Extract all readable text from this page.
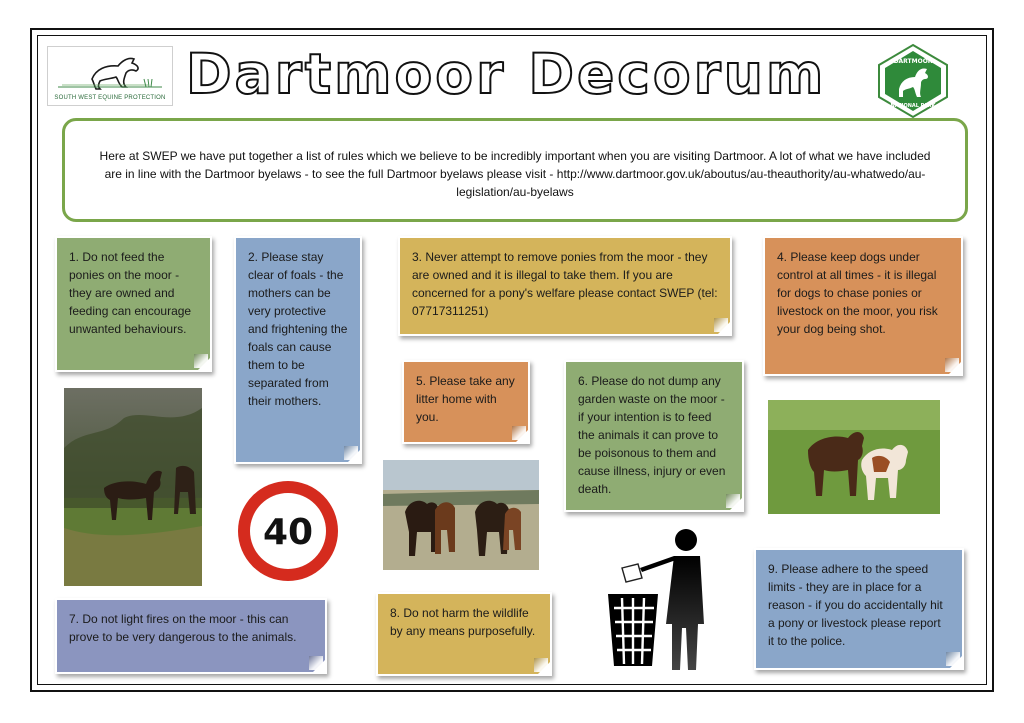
SOUTH WEST EQUINE PROTECTION Dartmoor Decorum	DARTMOOR
NATIONAL PARK

Here at SWEP we have put together a list of rules which we believe to be incredibly important when you are visiting Dartmoor. A lot of what we have included are in line with the Dartmoor byelaws - to see the full Dartmoor byelaws please visit - http://www.dartmoor.gov.uk/aboutus/au-theauthority/au-whatwedo/au-legislation/au-byelaws

1. Do not feed the ponies on the moor - they are owned and feeding can encourage unwanted behaviours.
2. Please stay clear of foals - the mothers can be very protective and frightening the foals can cause them to be separated from their mothers.
3. Never attempt to remove ponies from the moor - they are owned and it is illegal to take them. If you are concerned for a pony's welfare please contact SWEP (tel: 07717311251)
4. Please keep dogs under control at all times - it is illegal for dogs to chase ponies or livestock on the moor, you risk your dog being shot.
5. Please take any litter home with you.
6. Please do not dump any garden waste on the moor - if your intention is to feed the animals it can prove to be poisonous to them and cause illness, injury or even death.
7. Do not light fires on the moor - this can prove to be very dangerous to the animals.
8. Do not harm the wildlife by any means purposefully.
9. Please adhere to the speed limits - they are in place for a reason - if you do accidentally hit a pony or livestock please report it to the police.
40
